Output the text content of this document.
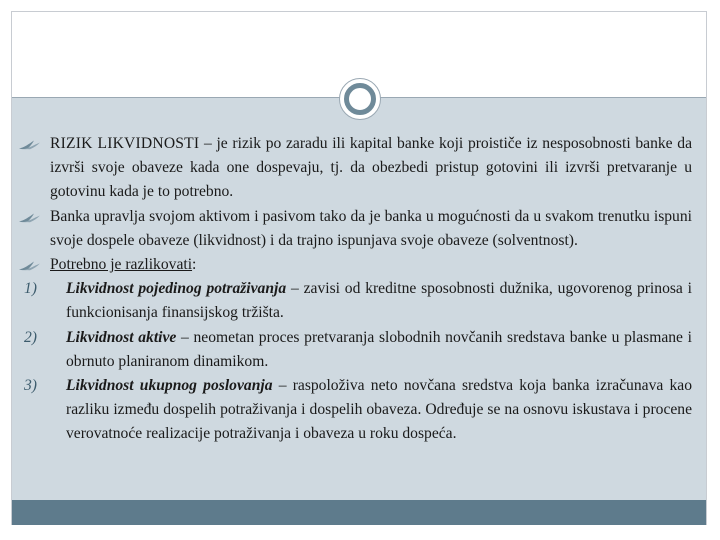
RIZIK LIKVIDNOSTI – je rizik po zaradu ili kapital banke koji proističe iz nesposobnosti banke da izvrši svoje obaveze kada one dospevaju, tj. da obezbedi pristup gotovini ili izvrši pretvaranje u gotovinu kada je to potrebno.

Banka upravlja svojom aktivom i pasivom tako da je banka u mogućnosti da u svakom trenutku ispuni svoje dospele obaveze (likvidnost) i da trajno ispunjava svoje obaveze (solventnost).

Potrebno je razlikovati:

1) Likvidnost pojedinog potraživanja – zavisi od kreditne sposobnosti dužnika, ugovorenog prinosa i funkcionisanja finansijskog tržišta.

2) Likvidnost aktive – neometan proces pretvaranja slobodnih novčanih sredstava banke u plasmane i obrnuto planiranom dinamikom.

3) Likvidnost ukupnog poslovanja – raspoloživa neto novčana sredstva koja banka izračunava kao razliku između dospelih potraživanja i dospelih obaveza. Određuje se na osnovu iskustava i procene verovatnoće realizacije potraživanja i obaveza u roku dospeća.
